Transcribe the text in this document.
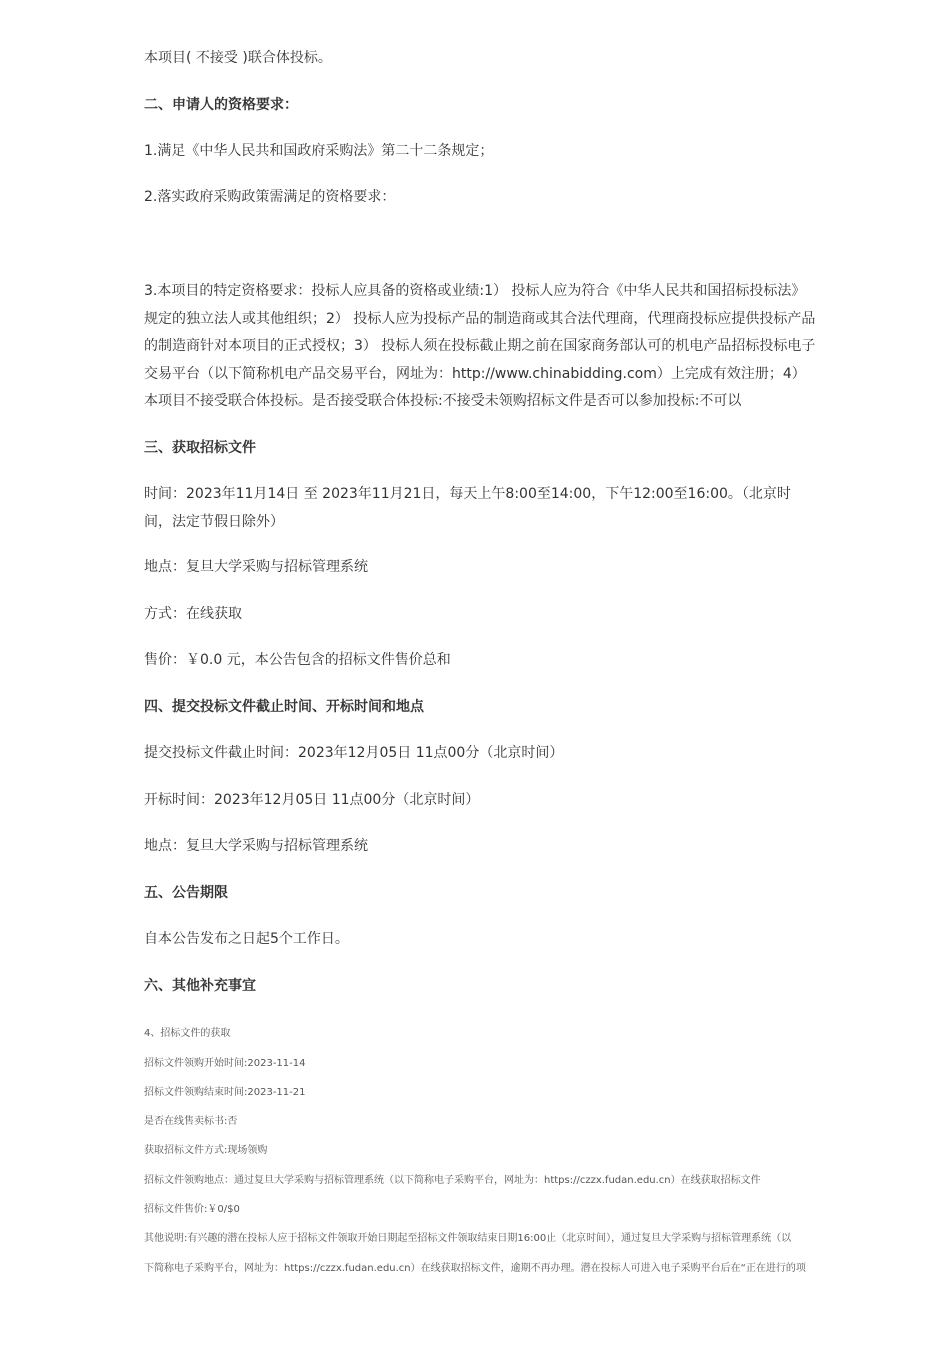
本项目( 不接受 )联合体投标。

二、申请人的资格要求：

1.满足《中华人民共和国政府采购法》第二十二条规定；

2.落实政府采购政策需满足的资格要求：

3.本项目的特定资格要求：投标人应具备的资格或业绩:1） 投标人应为符合《中华人民共和国招标投标法》规定的独立法人或其他组织；2） 投标人应为投标产品的制造商或其合法代理商，代理商投标应提供投标产品的制造商针对本项目的正式授权；3） 投标人须在投标截止期之前在国家商务部认可的机电产品招标投标电子交易平台（以下简称机电产品交易平台，网址为：http://www.chinabidding.com）上完成有效注册；4） 本项目不接受联合体投标。是否接受联合体投标:不接受未领购招标文件是否可以参加投标:不可以

三、获取招标文件

时间：2023年11月14日 至 2023年11月21日，每天上午8:00至14:00，下午12:00至16:00。（北京时间，法定节假日除外）

地点：复旦大学采购与招标管理系统

方式：在线获取

售价：￥0.0 元，本公告包含的招标文件售价总和

四、提交投标文件截止时间、开标时间和地点

提交投标文件截止时间：2023年12月05日 11点00分（北京时间）

开标时间：2023年12月05日 11点00分（北京时间）

地点：复旦大学采购与招标管理系统

五、公告期限

自本公告发布之日起5个工作日。

六、其他补充事宜

4、招标文件的获取

招标文件领购开始时间:2023-11-14

招标文件领购结束时间:2023-11-21

是否在线售卖标书:否

获取招标文件方式:现场领购

招标文件领购地点：通过复旦大学采购与招标管理系统（以下简称电子采购平台，网址为：https://czzx.fudan.edu.cn）在线获取招标文件

招标文件售价:￥0/$0

其他说明:有兴趣的潜在投标人应于招标文件领取开始日期起至招标文件领取结束日期16:00止（北京时间），通过复旦大学采购与招标管理系统（以

下简称电子采购平台，网址为：https://czzx.fudan.edu.cn）在线获取招标文件，逾期不再办理。潜在投标人可进入电子采购平台后在“正在进行的项
